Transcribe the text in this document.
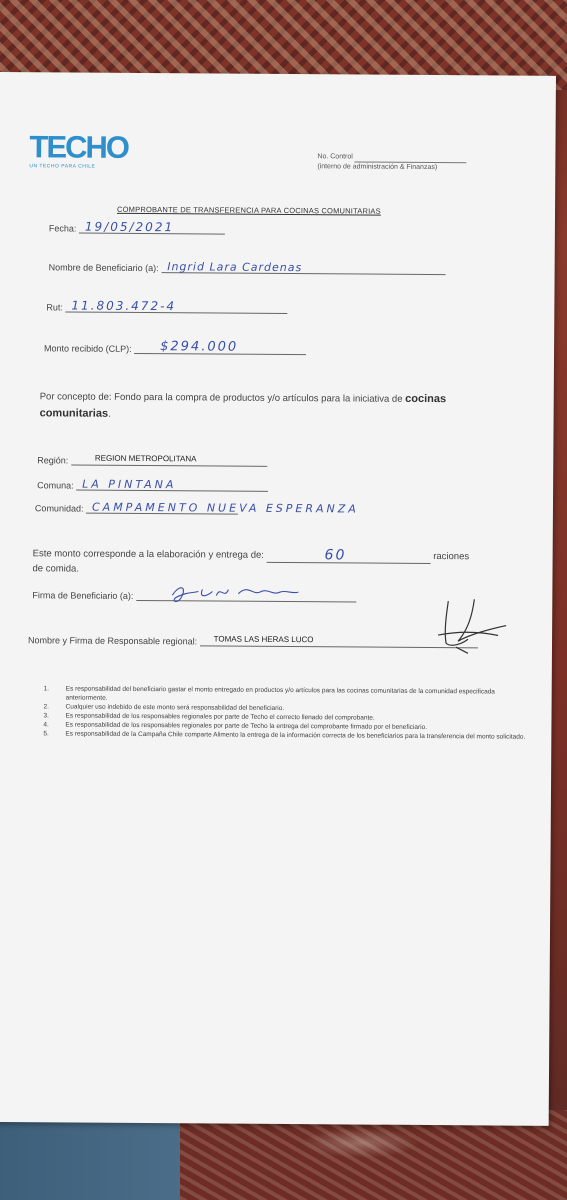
TECHO
UN TECHO PARA CHILE
No. Control
(interno de administración & Finanzas)
COMPROBANTE DE TRANSFERENCIA PARA COCINAS COMUNITARIAS
Fecha: 19/05/2021
Nombre de Beneficiario (a): Ingrid Lara Cardenas
Rut: 11.803.472-4
Monto recibido (CLP): $294.000
Por concepto de: Fondo para la compra de productos y/o artículos para la iniciativa de cocinas comunitarias.
Región:	REGION METROPOLITANA
Comuna: LA PINTANA
Comunidad: CAMPAMENTO NUEVA ESPERANZA
Este monto corresponde a la elaboración y entrega de:	60	raciones
de comida.
Firma de Beneficiario (a):
Nombre y Firma de Responsable regional: TOMAS LAS HERAS LUCO
1.	Es responsabilidad del beneficiario gastar el monto entregado en productos y/o artículos para las cocinas comunitarias de la comunidad especificada anteriormente.
2.	Cualquier uso indebido de este monto será responsabilidad del beneficiario.
3.	Es responsabilidad de los responsables regionales por parte de Techo el correcto llenado del comprobante.
4.	Es responsabilidad de los responsables regionales por parte de Techo la entrega del comprobante firmado por el beneficiario.
5.	Es responsabilidad de la Campaña Chile comparte Alimento la entrega de la información correcta de los beneficiarios para la transferencia del monto solicitado.
